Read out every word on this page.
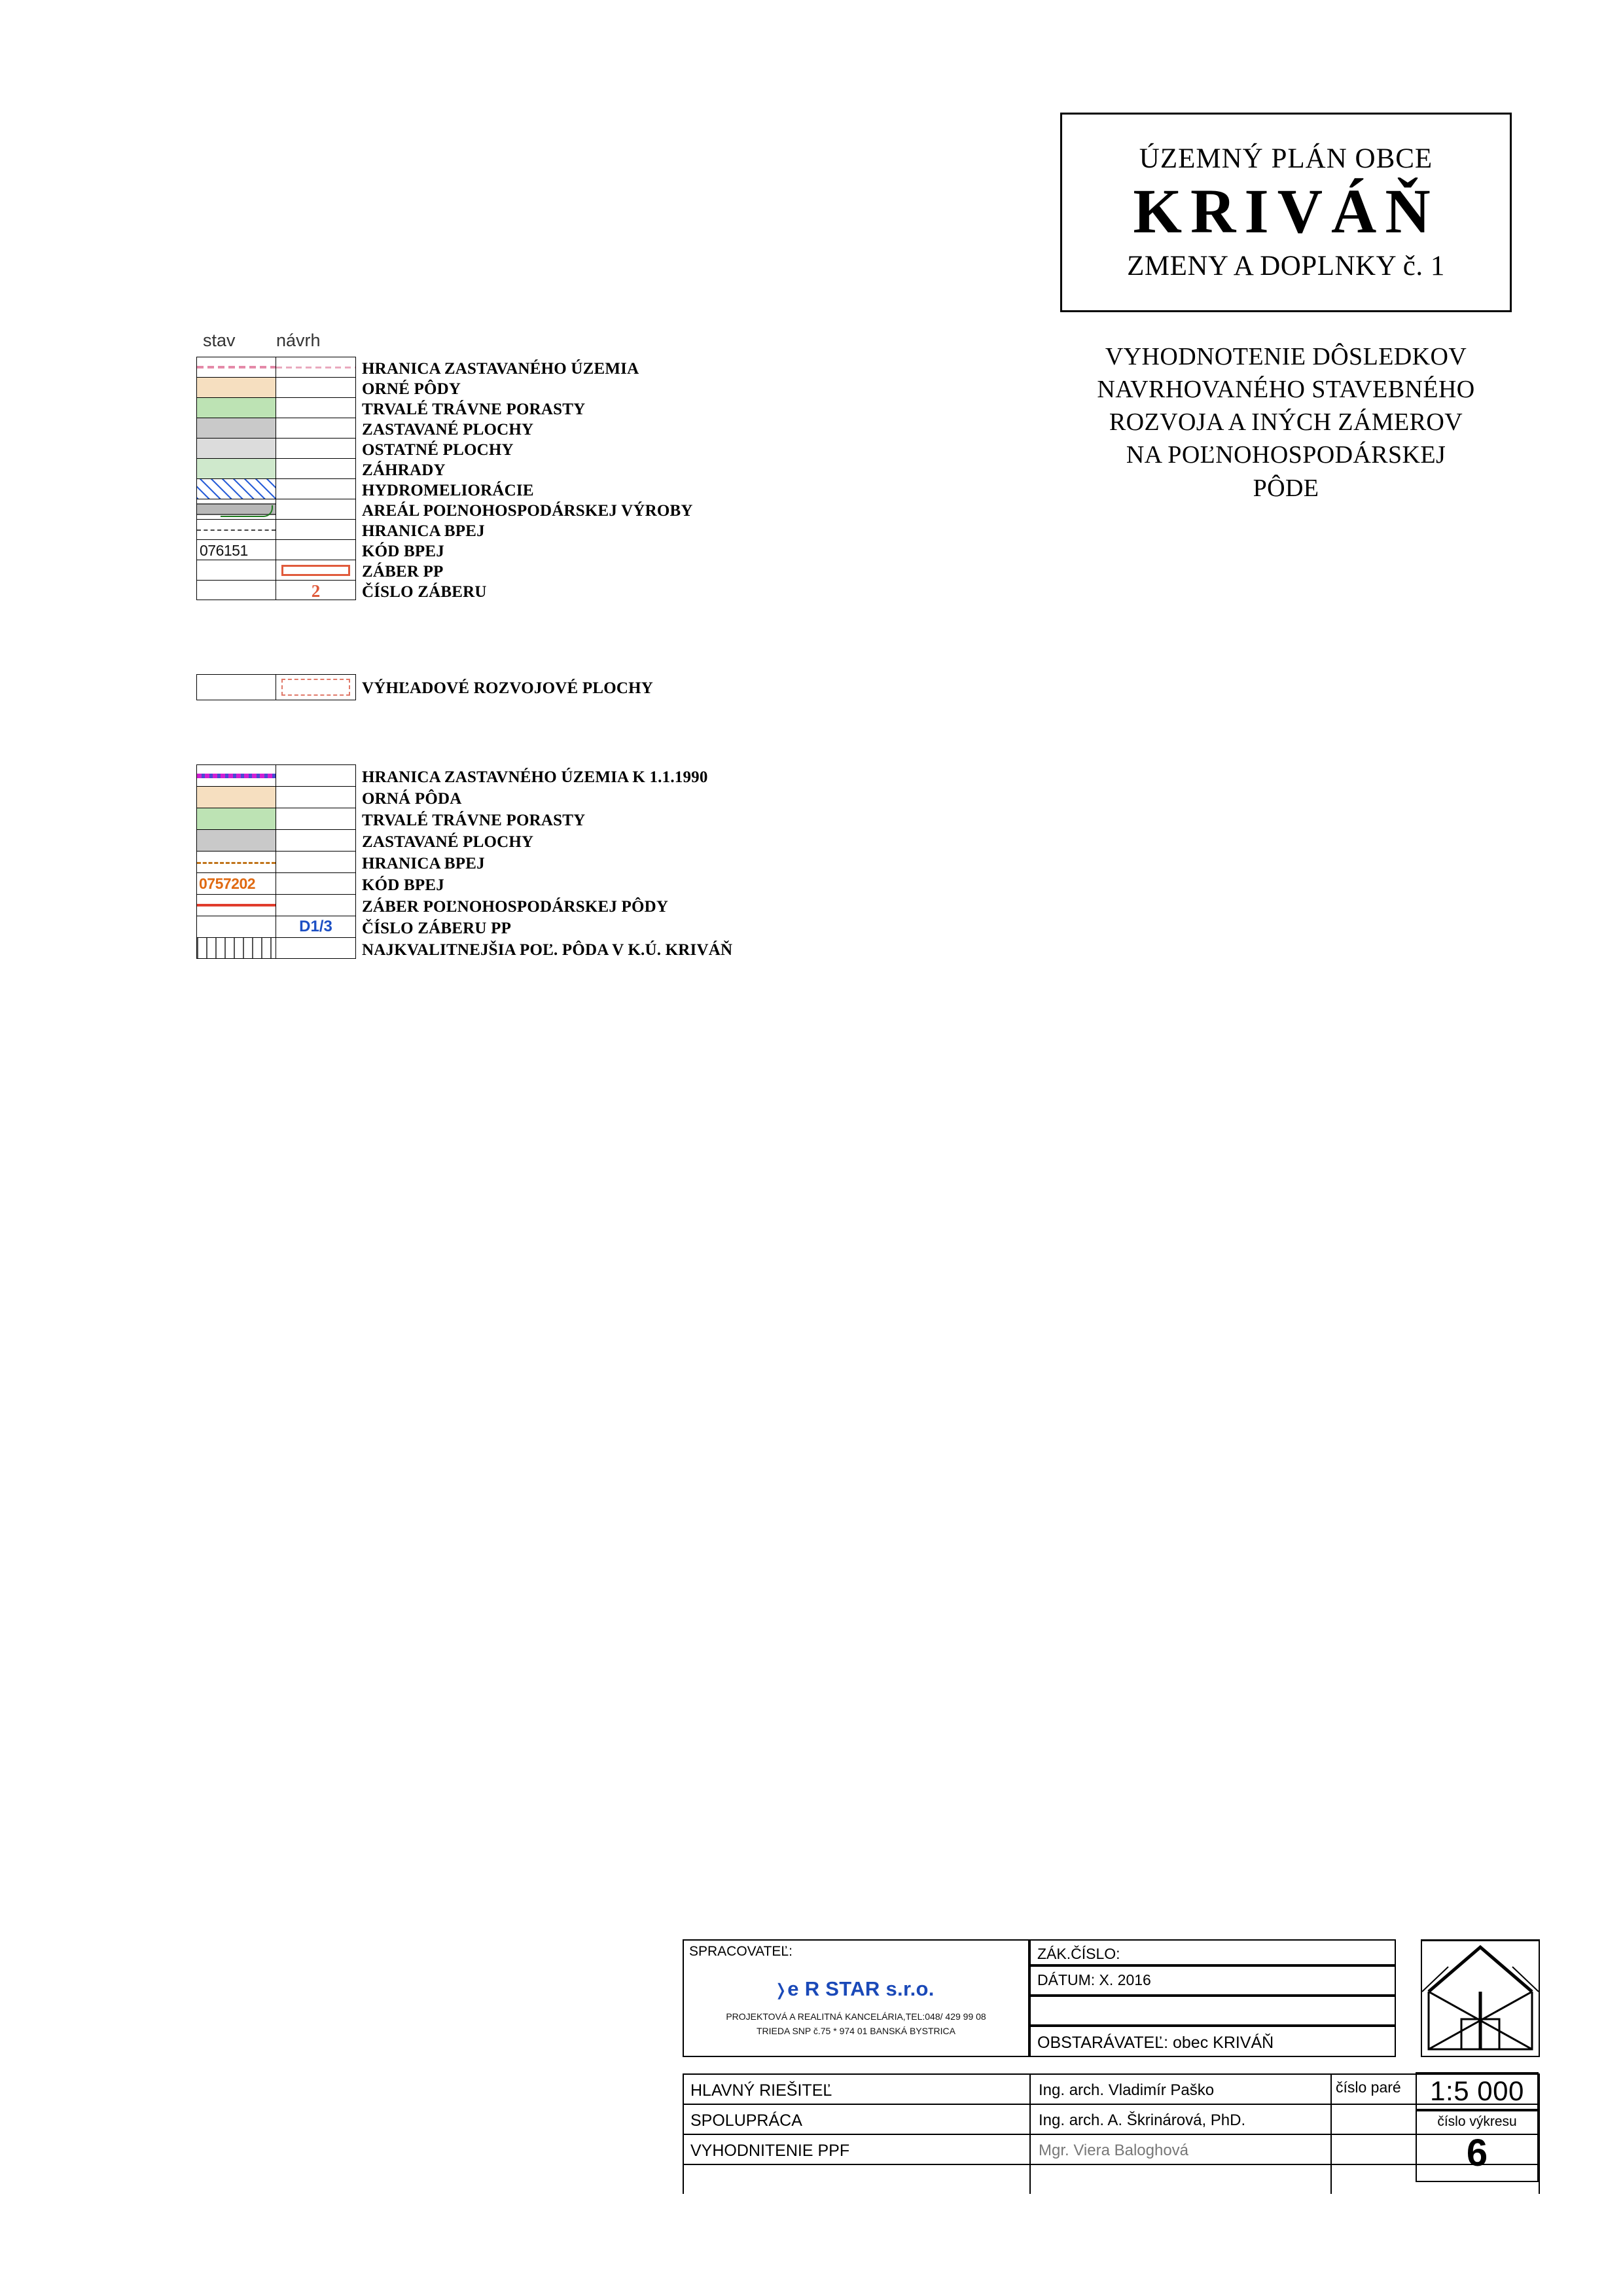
ÚZEMNÝ PLÁN OBCE
KRIVÁŇ
ZMENY A DOPLNKY č. 1
VYHODNOTENIE DÔSLEDKOV
NAVRHOVANÉHO STAVEBNÉHO
ROZVOJA A INÝCH ZÁMEROV
NA POĽNOHOSPODÁRSKEJ
PÔDE
stav návrh
HRANICA ZASTAVANÉHO ÚZEMIA
ORNÉ PÔDY
TRVALÉ TRÁVNE PORASTY
ZASTAVANÉ PLOCHY
OSTATNÉ PLOCHY
ZÁHRADY
HYDROMELIORÁCIE
AREÁL POĽNOHOSPODÁRSKEJ VÝROBY
HRANICA BPEJ
076151	KÓD BPEJ
ZÁBER PP
2	ČÍSLO ZÁBERU
VÝHĽADOVÉ ROZVOJOVÉ PLOCHY
HRANICA ZASTAVNÉHO ÚZEMIA K 1.1.1990
ORNÁ PÔDA
TRVALÉ TRÁVNE PORASTY
ZASTAVANÉ PLOCHY
HRANICA BPEJ
0757202	KÓD BPEJ
ZÁBER POĽNOHOSPODÁRSKEJ PÔDY
D1/3 ČÍSLO ZÁBERU PP
NAJKVALITNEJŠIA POĽ. PÔDA V K.Ú. KRIVÁŇ
SPRACOVATEĽ:
⟩e R STAR s.r.o.
PROJEKTOVÁ A REALITNÁ KANCELÁRIA,TEL:048/ 429 99 08
TRIEDA SNP č.75 * 974 01 BANSKÁ BYSTRICA
ZÁK.ČÍSLO:
DÁTUM: X. 2016
OBSTARÁVATEĽ: obec KRIVÁŇ
HLAVNÝ RIEŠITEĽ	Ing. arch. Vladimír Paško
SPOLUPRÁCA	Ing. arch. A. Škrinárová, PhD.
VYHODNITENIE PPF	Mgr. Viera Baloghová
číslo paré 1:5 000
číslo výkresu
6
